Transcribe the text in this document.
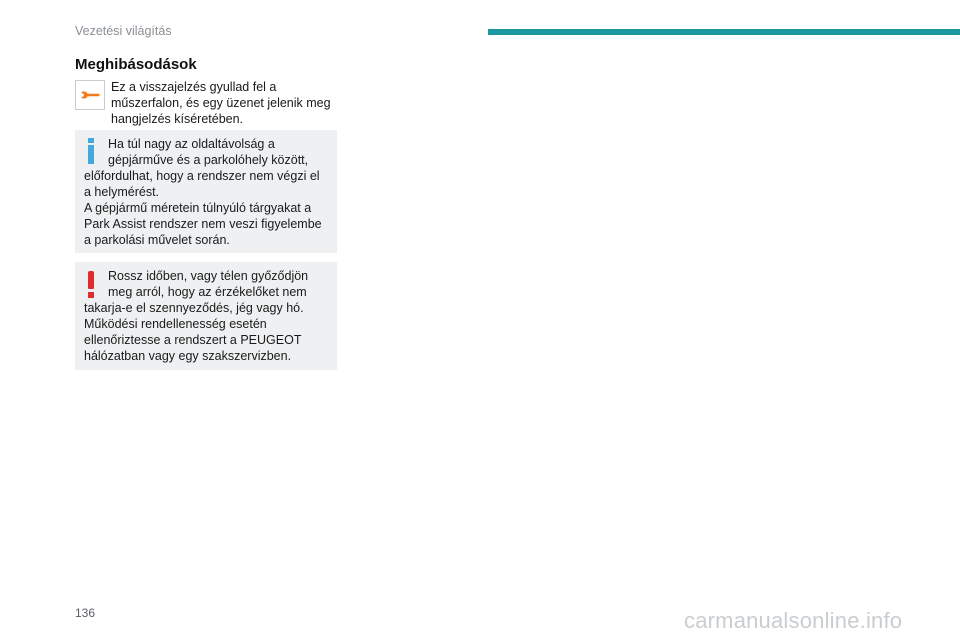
Vezetési világítás
Meghibásodások
Ez a visszajelzés gyullad fel a műszerfalon, és egy üzenet jelenik meg hangjelzés kíséretében.
Ha túl nagy az oldaltávolság a gépjárműve és a parkolóhely között, előfordulhat, hogy a rendszer nem végzi el a helymérést.
A gépjármű méretein túlnyúló tárgyakat a Park Assist rendszer nem veszi figyelembe a parkolási művelet során.
Rossz időben, vagy télen győződjön meg arról, hogy az érzékelőket nem takarja-e el szennyeződés, jég vagy hó.
Működési rendellenesség esetén ellenőriztesse a rendszert a PEUGEOT hálózatban vagy egy szakszervizben.
136	carmanualsonline.info
